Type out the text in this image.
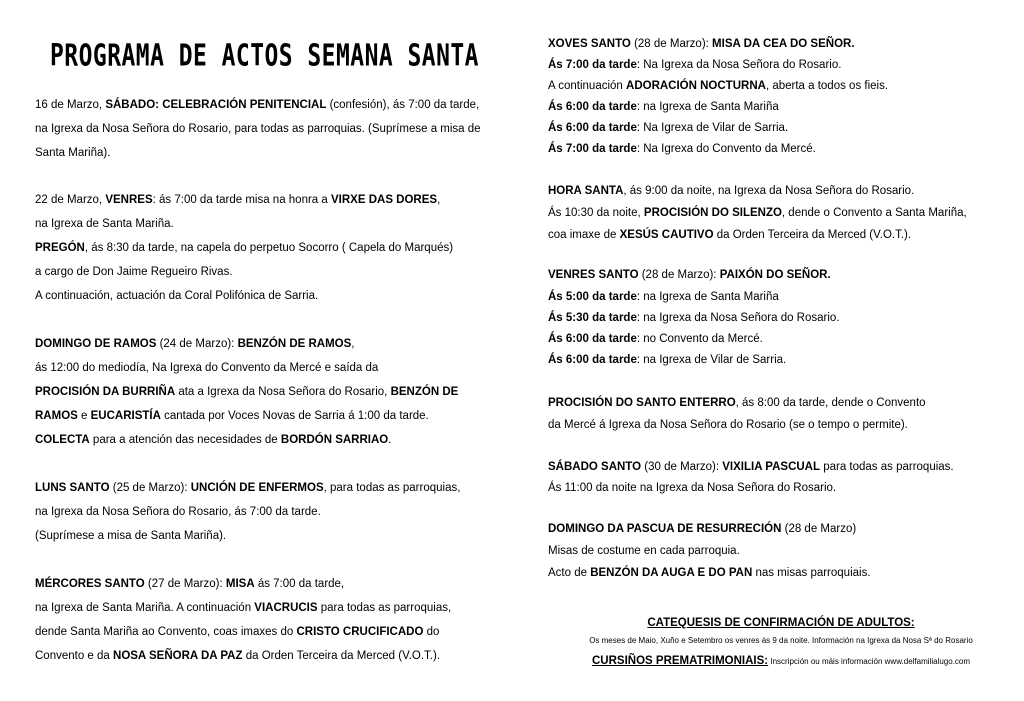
PROGRAMA DE ACTOS SEMANA SANTA
16 de Marzo, SÁBADO: CELEBRACIÓN PENITENCIAL (confesión), ás 7:00 da tarde,
na Igrexa da Nosa Señora do Rosario, para todas as parroquias. (Suprímese a misa de
Santa Mariña).
22 de Marzo, VENRES: ás 7:00 da tarde misa na honra a VIRXE DAS DORES,
na Igrexa de Santa Mariña.
PREGÓN, ás 8:30 da tarde, na capela do perpetuo Socorro ( Capela do Marqués)
a cargo de Don Jaime Regueiro Rivas.
A continuación, actuación da Coral Polifónica de Sarria.
DOMINGO DE RAMOS (24 de Marzo): BENZÓN DE RAMOS,
ás 12:00 do mediodía, Na Igrexa do Convento da Mercé e saída da
PROCISIÓN DA BURRIÑA ata a Igrexa da Nosa Señora do Rosario, BENZÓN DE
RAMOS e EUCARISTÍA cantada por Voces Novas de Sarria á 1:00 da tarde.
COLECTA para a atención das necesidades de BORDÓN SARRIAO.
LUNS SANTO (25 de Marzo): UNCIÓN DE ENFERMOS, para todas as parroquias,
na Igrexa da Nosa Señora do Rosario, ás 7:00 da tarde.
(Suprímese a misa de Santa Mariña).
MÉRCORES SANTO (27 de Marzo): MISA ás 7:00 da tarde,
na Igrexa de Santa Mariña. A continuación VIACRUCIS para todas as parroquias,
dende Santa Mariña ao Convento, coas imaxes do CRISTO CRUCIFICADO do
Convento e da NOSA SEÑORA DA PAZ da Orden Terceira da Merced (V.O.T.).
XOVES SANTO (28 de Marzo): MISA DA CEA DO SEÑOR.
Ás 7:00 da tarde: Na Igrexa da Nosa Señora do Rosario.
A continuación ADORACIÓN NOCTURNA, aberta a todos os fieis.
Ás 6:00 da tarde: na Igrexa de Santa Mariña
Ás 6:00 da tarde: Na Igrexa de Vilar de Sarria.
Ás 7:00 da tarde: Na Igrexa do Convento da Mercé.
HORA SANTA, ás 9:00 da noite, na Igrexa da Nosa Señora do Rosario.
Ás 10:30 da noite, PROCISIÓN DO SILENZO, dende o Convento a Santa Mariña,
coa imaxe de XESÚS CAUTIVO da Orden Terceira da Merced (V.O.T.).
VENRES SANTO (28 de Marzo): PAIXÓN DO SEÑOR.
Ás 5:00 da tarde: na Igrexa de Santa Mariña
Ás 5:30 da tarde: na Igrexa da Nosa Señora do Rosario.
Ás 6:00 da tarde: no Convento da Mercé.
Ás 6:00 da tarde: na Igrexa de Vilar de Sarria.
PROCISIÓN DO SANTO ENTERRO, ás 8:00 da tarde, dende o Convento
da Mercé á Igrexa da Nosa Señora do Rosario (se o tempo o permite).
SÁBADO SANTO (30 de Marzo): VIXILIA PASCUAL para todas as parroquias.
Ás 11:00 da noite na Igrexa da Nosa Señora do Rosario.
DOMINGO DA PASCUA DE RESURRECIÓN (28 de Marzo)
Misas de costume en cada parroquia.
Acto de BENZÓN DA AUGA E DO PAN nas misas parroquiais.
CATEQUESIS DE CONFIRMACIÓN DE ADULTOS:
Os meses de Maio, Xuño e Setembro os venres ás 9 da noite. Información na Igrexa da Nosa Sª do Rosario
CURSIÑOS PREMATRIMONIAIS: Inscripción ou máis información www.delfamilialugo.com
